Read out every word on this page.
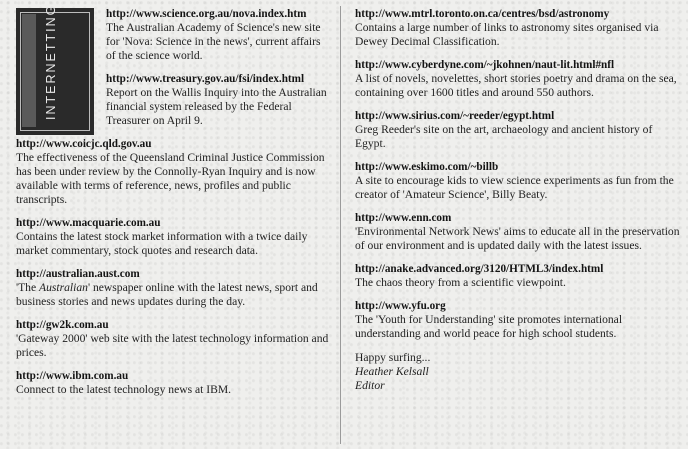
INTERNETTING	http://www.science.org.au/nova.index.htm
The Australian Academy of Science's new site for 'Nova: Science in the news', current affairs of the science world.
http://www.treasury.gov.au/fsi/index.html
Report on the Wallis Inquiry into the Australian financial system released by the Federal Treasurer on April 9.
http://www.coicjc.qld.gov.au
The effectiveness of the Queensland Criminal Justice Commission has been under review by the Connolly-Ryan Inquiry and is now available with terms of reference, news, profiles and public transcripts.
http://www.macquarie.com.au
Contains the latest stock market information with a twice daily market commentary, stock quotes and research data.
http://australian.aust.com
'The Australian' newspaper online with the latest news, sport and business stories and news updates during the day.
http://gw2k.com.au
'Gateway 2000' web site with the latest technology information and prices.
http://www.ibm.com.au
Connect to the latest technology news at IBM.
http://www.mtrl.toronto.on.ca/centres/bsd/astronomy
Contains a large number of links to astronomy sites organised via Dewey Decimal Classification.
http://www.cyberdyne.com/~jkohnen/naut-lit.html#nfl
A list of novels, novelettes, short stories poetry and drama on the sea, containing over 1600 titles and around 550 authors.
http://www.sirius.com/~reeder/egypt.html
Greg Reeder's site on the art, archaeology and ancient history of Egypt.
http://www.eskimo.com/~billb
A site to encourage kids to view science experiments as fun from the creator of 'Amateur Science', Billy Beaty.
http://www.enn.com
'Environmental Network News' aims to educate all in the preservation of our environment and is updated daily with the latest issues.
http://anake.advanced.org/3120/HTML3/index.html
The chaos theory from a scientific viewpoint.
http://www.yfu.org
The 'Youth for Understanding' site promotes international understanding and world peace for high school students.
Happy surfing...
Heather Kelsall
Editor
